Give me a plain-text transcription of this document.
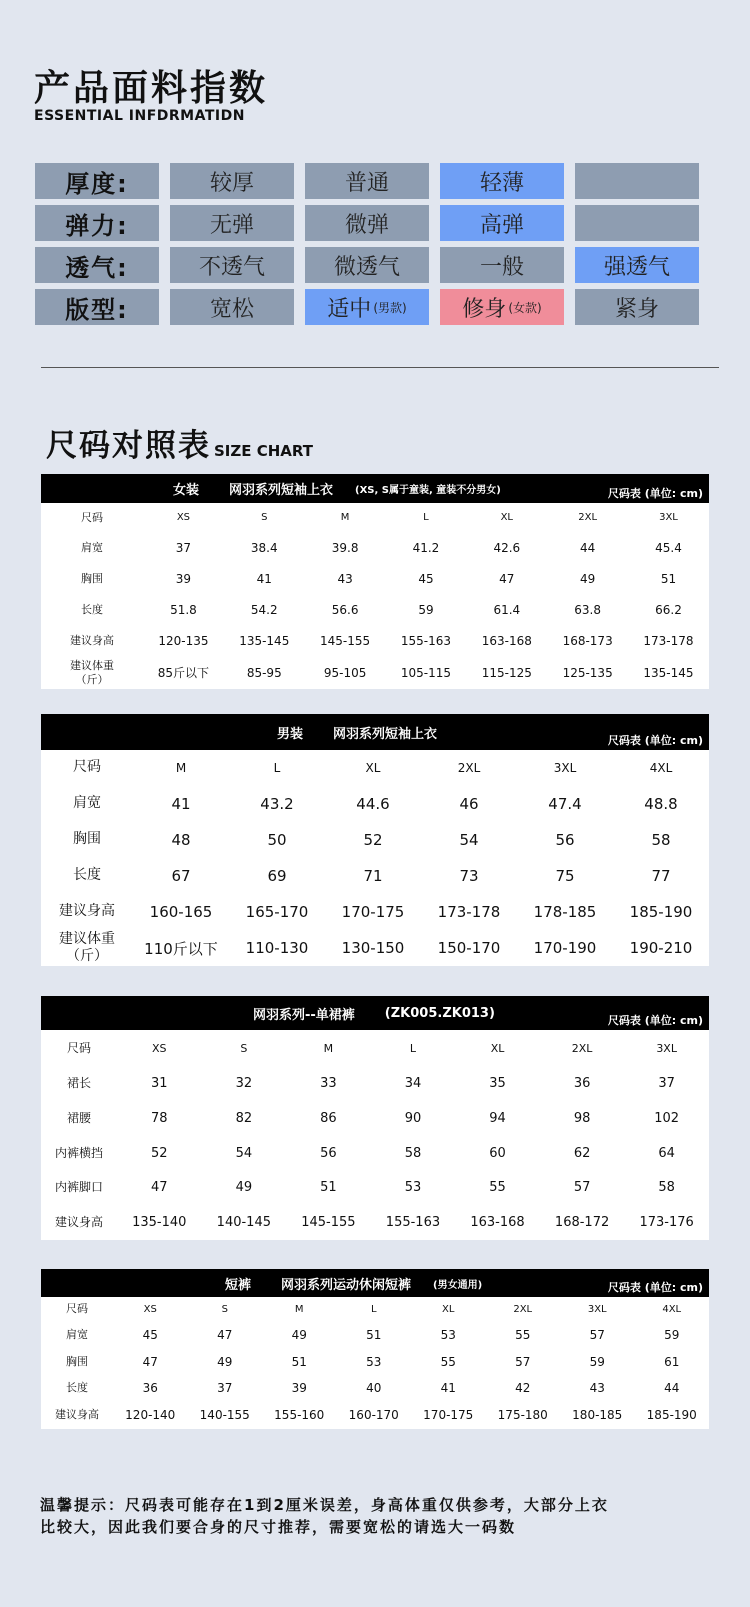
产品面料指数
ESSENTIAL INFDRMATIDN
厚度:	较厚	普通	轻薄
弹力:	无弹	微弹	高弹
透气:	不透气	微透气	一般	强透气
版型:	宽松	适中 (男款)	修身 (女款)	紧身
尺码对照表 SIZE CHART
女装 网羽系列短袖上衣 (XS, S属于童装, 童装不分男女)	尺码表 (单位: cm)
尺码	XS	S	M	L	XL	2XL	3XL
肩宽	37	38.4	39.8	41.2	42.6	44	45.4
胸围	39	41	43	45	47	49	51
长度	51.8	54.2	56.6	59	61.4	63.8	66.2
建议身高	120-135	135-145	145-155	155-163	163-168	168-173	173-178
建议体重
（斤）	85斤以下	85-95	95-105	105-115	115-125	125-135	135-145
男装 网羽系列短袖上衣	尺码表 (单位: cm)
尺码	M	L	XL	2XL	3XL	4XL
肩宽	41	43.2	44.6	46	47.4	48.8
胸围	48	50	52	54	56	58
长度	67	69	71	73	75	77
建议身高	160-165	165-170	170-175	173-178	178-185	185-190
建议体重
（斤）	110斤以下	110-130	130-150	150-170	170-190	190-210
网羽系列--单裙裤 (ZK005.ZK013)	尺码表 (单位: cm)
尺码	XS	S	M	L	XL	2XL	3XL
裙长	31	32	33	34	35	36	37
裙腰	78	82	86	90	94	98	102
内裤横挡	52	54	56	58	60	62	64
内裤脚口	47	49	51	53	55	57	58
建议身高	135-140	140-145	145-155	155-163	163-168	168-172	173-176
短裤 网羽系列运动休闲短裤 (男女通用)	尺码表 (单位: cm)
尺码	XS	S	M	L	XL	2XL	3XL	4XL
肩宽	45	47	49	51	53	55	57	59
胸围	47	49	51	53	55	57	59	61
长度	36	37	39	40	41	42	43	44
建议身高	120-140	140-155	155-160	160-170	170-175	175-180	180-185	185-190
温馨提示：尺码表可能存在1到2厘米误差，身高体重仅供参考，大部分上衣
比较大，因此我们要合身的尺寸推荐，需要宽松的请选大一码数
